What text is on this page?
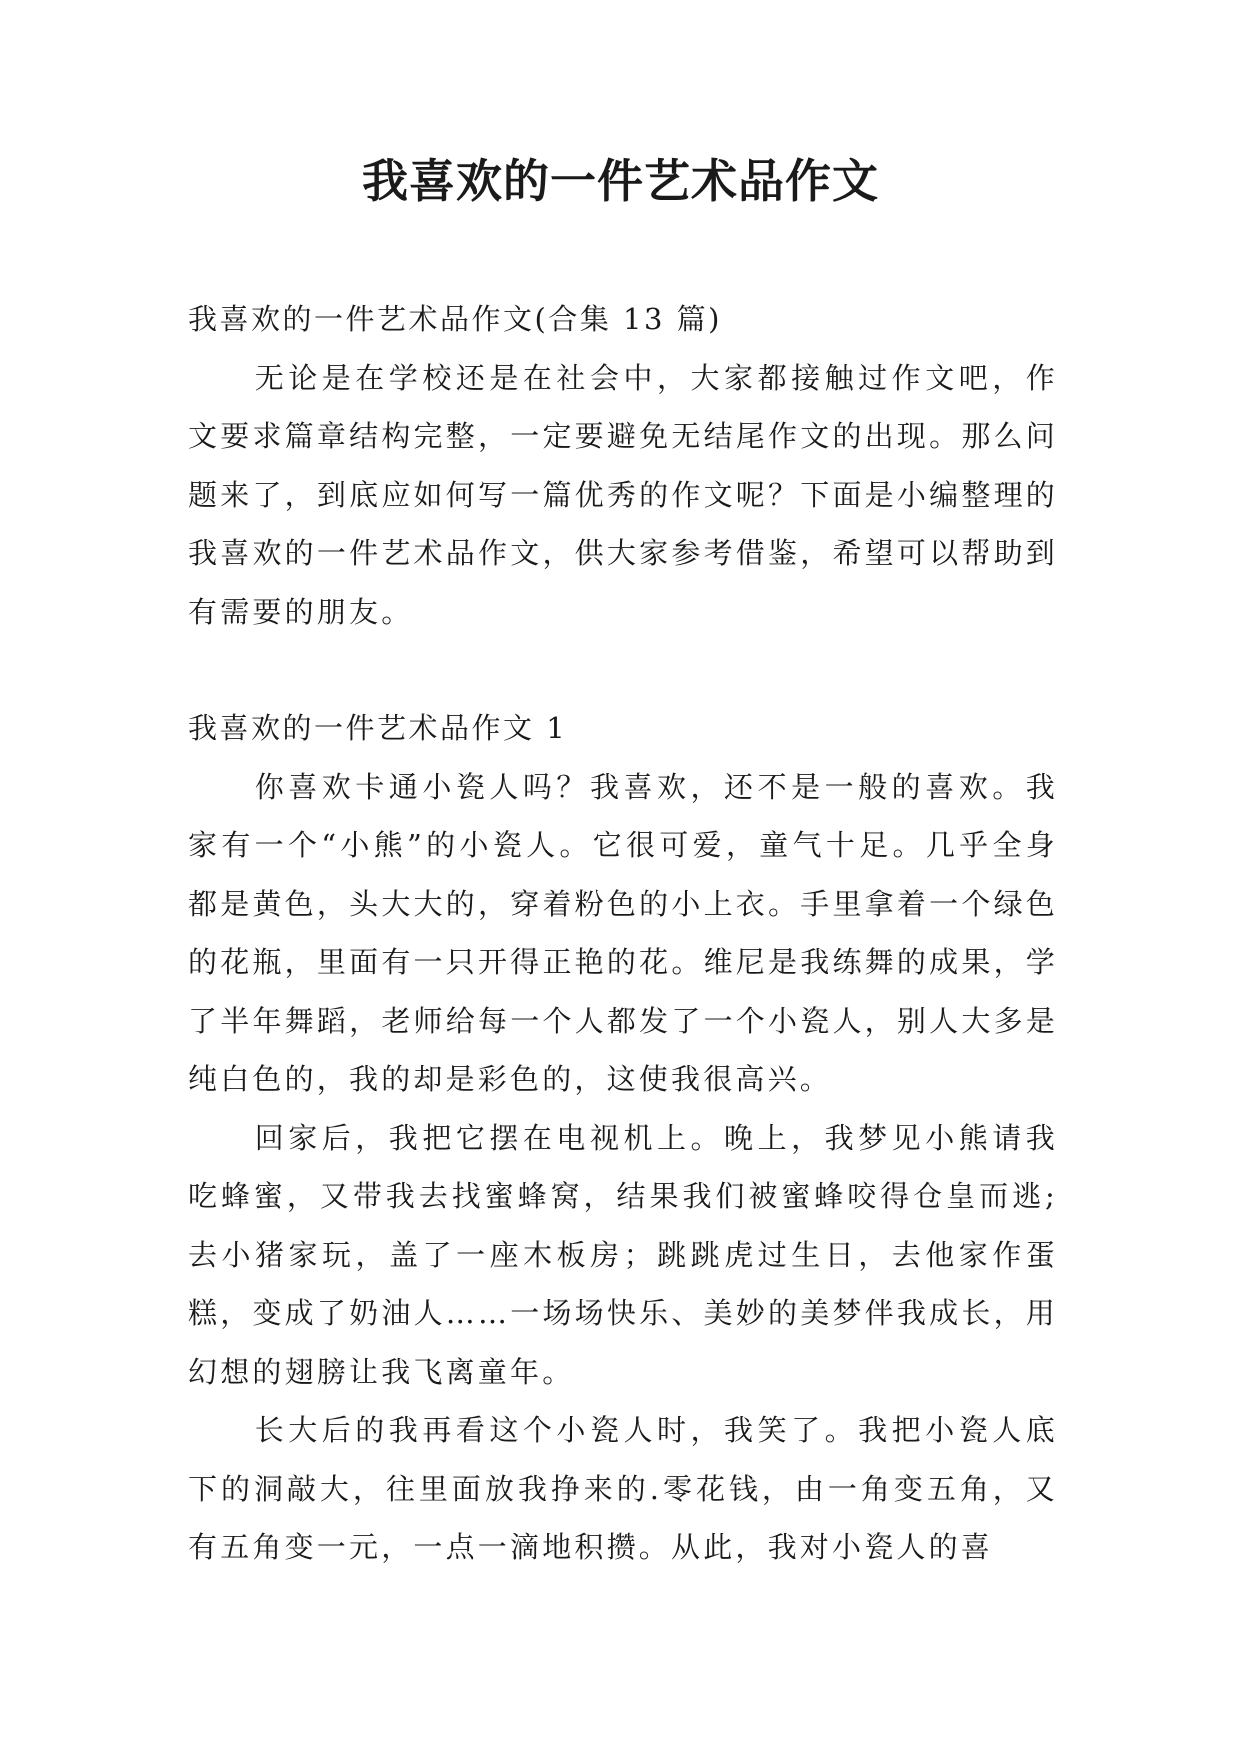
我喜欢的一件艺术品作文

我喜欢的一件艺术品作文(合集 13 篇)

无论是在学校还是在社会中，大家都接触过作文吧，作文要求篇章结构完整，一定要避免无结尾作文的出现。那么问题来了，到底应如何写一篇优秀的作文呢？下面是小编整理的我喜欢的一件艺术品作文，供大家参考借鉴，希望可以帮助到有需要的朋友。

我喜欢的一件艺术品作文 1

你喜欢卡通小瓷人吗？我喜欢，还不是一般的喜欢。我家有一个“小熊”的小瓷人。它很可爱，童气十足。几乎全身都是黄色，头大大的，穿着粉色的小上衣。手里拿着一个绿色的花瓶，里面有一只开得正艳的花。维尼是我练舞的成果，学了半年舞蹈，老师给每一个人都发了一个小瓷人，别人大多是纯白色的，我的却是彩色的，这使我很高兴。

回家后，我把它摆在电视机上。晚上，我梦见小熊请我吃蜂蜜，又带我去找蜜蜂窝，结果我们被蜜蜂咬得仓皇而逃;去小猪家玩，盖了一座木板房；跳跳虎过生日，去他家作蛋糕，变成了奶油人……一场场快乐、美妙的美梦伴我成长，用幻想的翅膀让我飞离童年。

长大后的我再看这个小瓷人时，我笑了。我把小瓷人底下的洞敲大，往里面放我挣来的.零花钱，由一角变五角，又有五角变一元，一点一滴地积攒。从此，我对小瓷人的喜
